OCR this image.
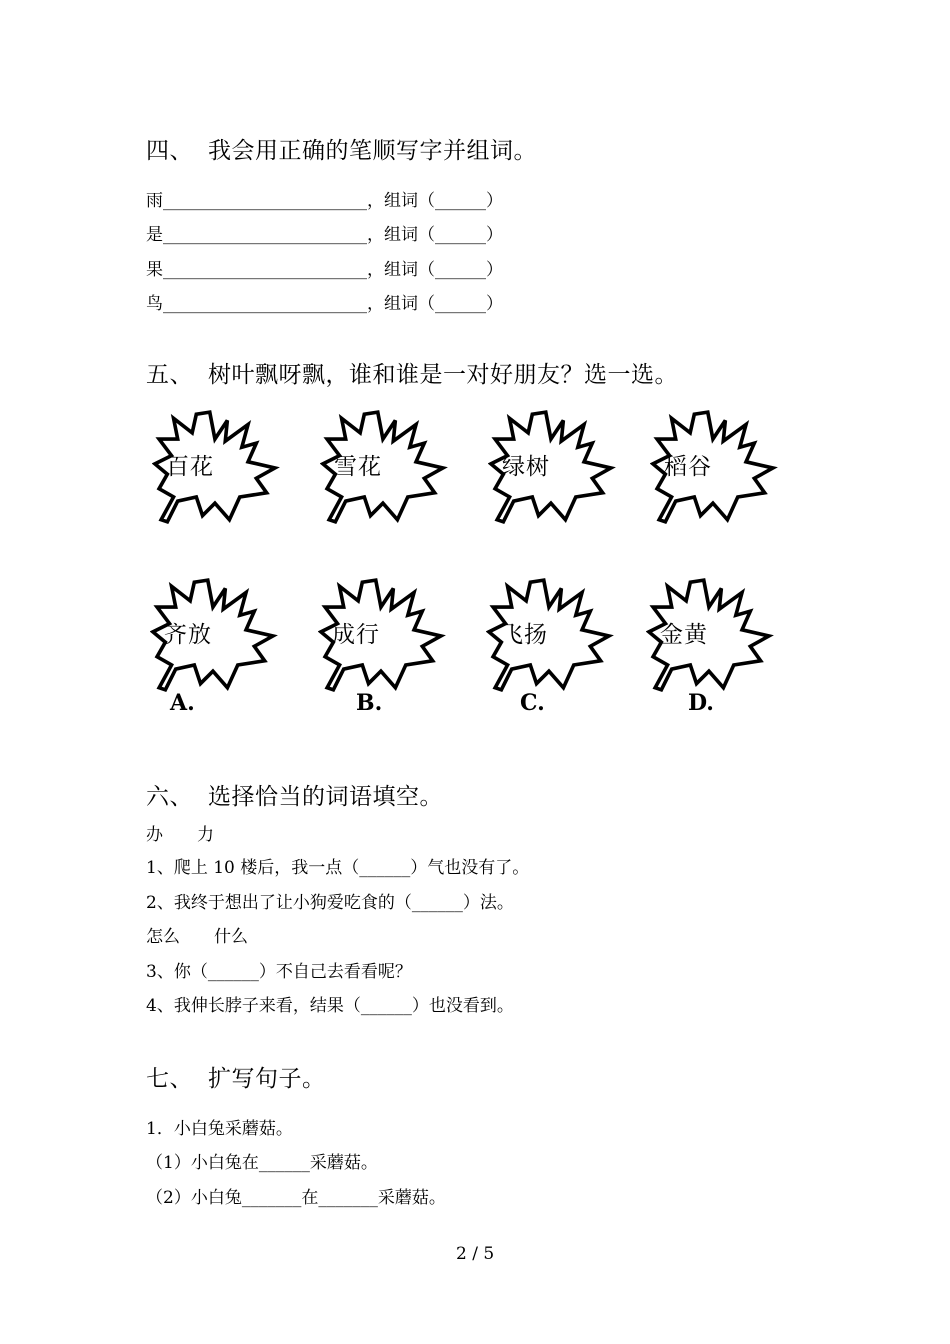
四、 我会用正确的笔顺写字并组词。
雨________________________，组词（______）
是________________________，组词（______）
果________________________，组词（______）
鸟________________________，组词（______）
五、 树叶飘呀飘，谁和谁是一对好朋友？选一选。
百花	雪花	绿树	稻谷
齐放	成行	飞扬	金黄
A.	B.	C.	D.
六、 选择恰当的词语填空。
办　　力
1、爬上 10 楼后，我一点（______）气也没有了。
2、我终于想出了让小狗爱吃食的（______）法。
怎么　　什么
3、你（______）不自己去看看呢？
4、我伸长脖子来看，结果（______）也没看到。
七、 扩写句子。
1．小白兔采蘑菇。
（1）小白兔在______采蘑菇。
（2）小白兔_______在_______采蘑菇。
2 / 5
